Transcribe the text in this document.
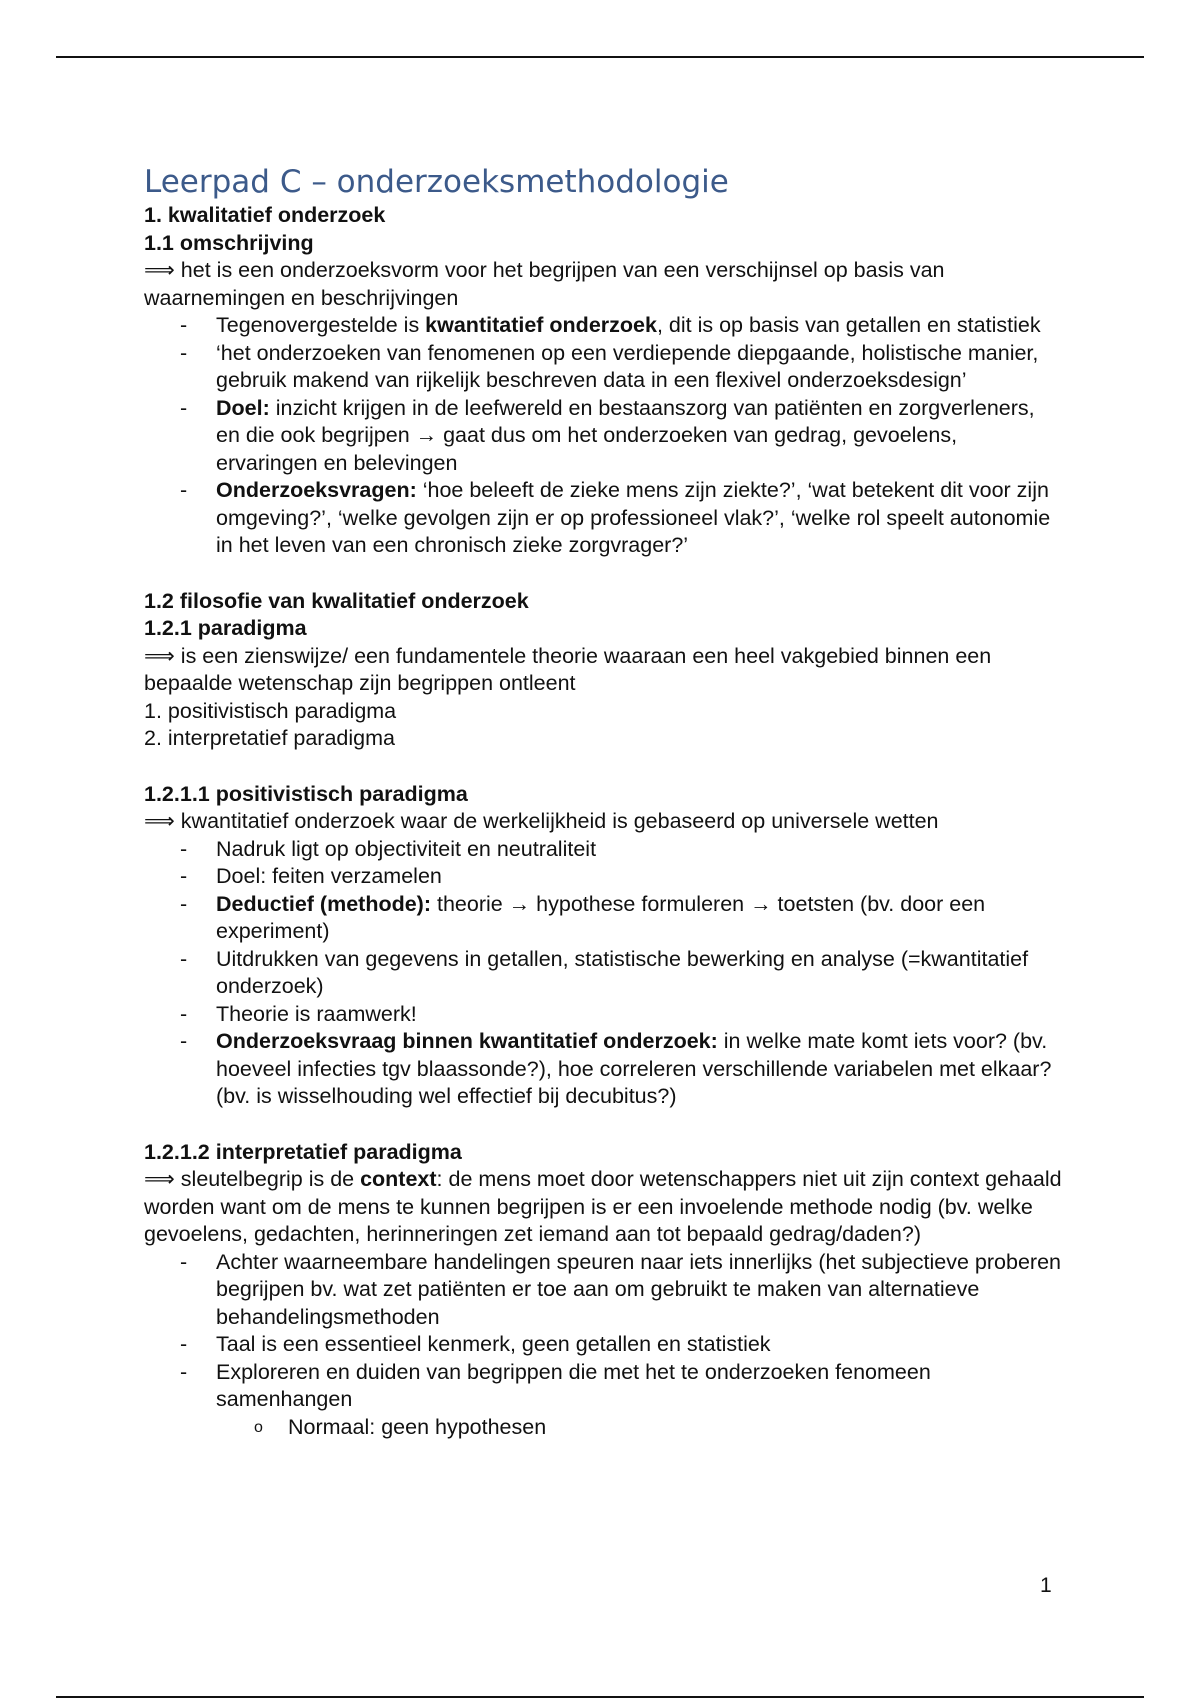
Leerpad C – onderzoeksmethodologie

1. kwalitatief onderzoek

1.1 omschrijving

⟹ het is een onderzoeksvorm voor het begrijpen van een verschijnsel op basis van waarnemingen en beschrijvingen

- Tegenovergestelde is kwantitatief onderzoek, dit is op basis van getallen en statistiek
- ‘het onderzoeken van fenomenen op een verdiepende diepgaande, holistische manier, gebruik makend van rijkelijk beschreven data in een flexivel onderzoeksdesign’
- Doel: inzicht krijgen in de leefwereld en bestaanszorg van patiënten en zorgverleners, en die ook begrijpen → gaat dus om het onderzoeken van gedrag, gevoelens, ervaringen en belevingen
- Onderzoeksvragen: ‘hoe beleeft de zieke mens zijn ziekte?’, ‘wat betekent dit voor zijn omgeving?’, ‘welke gevolgen zijn er op professioneel vlak?’, ‘welke rol speelt autonomie in het leven van een chronisch zieke zorgvrager?’

1.2 filosofie van kwalitatief onderzoek

1.2.1 paradigma

⟹ is een zienswijze/ een fundamentele theorie waaraan een heel vakgebied binnen een bepaalde wetenschap zijn begrippen ontleent

1. positivistisch paradigma

2. interpretatief paradigma

1.2.1.1 positivistisch paradigma

⟹ kwantitatief onderzoek waar de werkelijkheid is gebaseerd op universele wetten

- Nadruk ligt op objectiviteit en neutraliteit
- Doel: feiten verzamelen
- Deductief (methode): theorie → hypothese formuleren → toetsten (bv. door een experiment)
- Uitdrukken van gegevens in getallen, statistische bewerking en analyse (=kwantitatief onderzoek)
- Theorie is raamwerk!
- Onderzoeksvraag binnen kwantitatief onderzoek: in welke mate komt iets voor? (bv. hoeveel infecties tgv blaassonde?), hoe correleren verschillende variabelen met elkaar? (bv. is wisselhouding wel effectief bij decubitus?)

1.2.1.2 interpretatief paradigma

⟹ sleutelbegrip is de context: de mens moet door wetenschappers niet uit zijn context gehaald worden want om de mens te kunnen begrijpen is er een invoelende methode nodig (bv. welke gevoelens, gedachten, herinneringen zet iemand aan tot bepaald gedrag/daden?)

- Achter waarneembare handelingen speuren naar iets innerlijks (het subjectieve proberen begrijpen bv. wat zet patiënten er toe aan om gebruikt te maken van alternatieve behandelingsmethoden
- Taal is een essentieel kenmerk, geen getallen en statistiek
- Exploreren en duiden van begrippen die met het te onderzoeken fenomeen samenhangen
o Normaal: geen hypothesen
1
